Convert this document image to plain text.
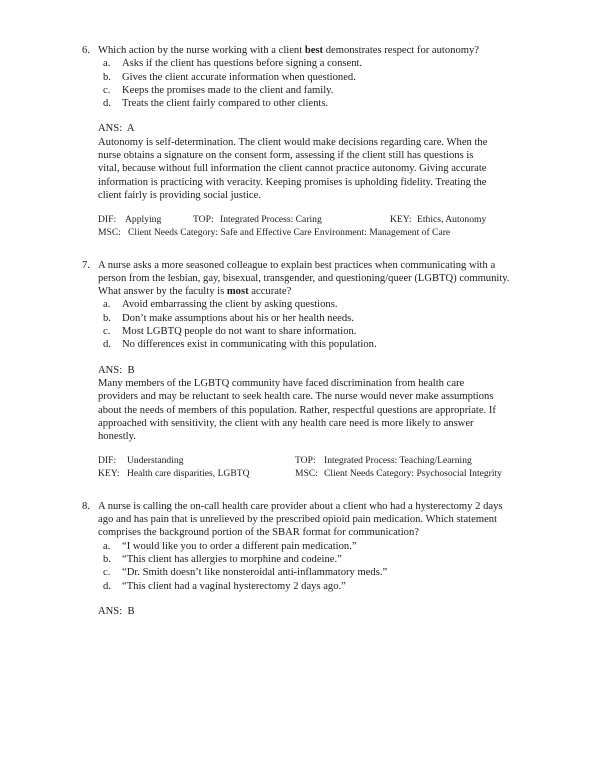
6. Which action by the nurse working with a client best demonstrates respect for autonomy?
a.	Asks if the client has questions before signing a consent.
b.	Gives the client accurate information when questioned.
c.	Keeps the promises made to the client and family.
d.	Treats the client fairly compared to other clients.
ANS: A
Autonomy is self-determination. The client would make decisions regarding care. When the nurse obtains a signature on the consent form, assessing if the client still has questions is vital, because without full information the client cannot practice autonomy. Giving accurate information is practicing with veracity. Keeping promises is upholding fidelity. Treating the client fairly is providing social justice.
DIF: Applying	TOP: Integrated Process: Caring	KEY: Ethics, Autonomy
MSC: Client Needs Category: Safe and Effective Care Environment: Management of Care
7. A nurse asks a more seasoned colleague to explain best practices when communicating with a person from the lesbian, gay, bisexual, transgender, and questioning/queer (LGBTQ) community. What answer by the faculty is most accurate?
a.	Avoid embarrassing the client by asking questions.
b.	Don’t make assumptions about his or her health needs.
c.	Most LGBTQ people do not want to share information.
d.	No differences exist in communicating with this population.
ANS: B
Many members of the LGBTQ community have faced discrimination from health care providers and may be reluctant to seek health care. The nurse would never make assumptions about the needs of members of this population. Rather, respectful questions are appropriate. If approached with sensitivity, the client with any health care need is more likely to answer honestly.
DIF:	Understanding	TOP: Integrated Process: Teaching/Learning
KEY: Health care disparities, LGBTQ	MSC: Client Needs Category: Psychosocial Integrity
8. A nurse is calling the on-call health care provider about a client who had a hysterectomy 2 days ago and has pain that is unrelieved by the prescribed opioid pain medication. Which statement comprises the background portion of the SBAR format for communication?
a.	“I would like you to order a different pain medication.”
b.	“This client has allergies to morphine and codeine.”
c.	“Dr. Smith doesn’t like nonsteroidal anti-inflammatory meds.”
d.	“This client had a vaginal hysterectomy 2 days ago.”
ANS: B
